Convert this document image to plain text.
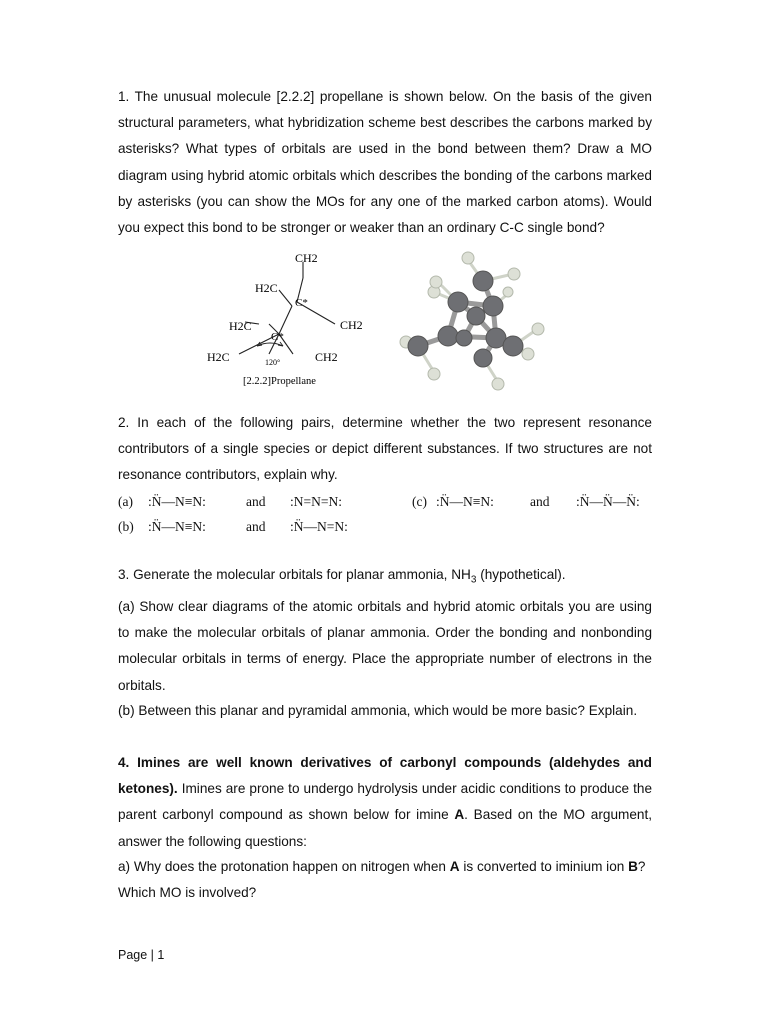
1. The unusual molecule [2.2.2] propellane is shown below. On the basis of the given structural parameters, what hybridization scheme best describes the carbons marked by asterisks? What types of orbitals are used in the bond between them? Draw a MO diagram using hybrid atomic orbitals which describes the bonding of the carbons marked by asterisks (you can show the MOs for any one of the marked carbon atoms). Would you expect this bond to be stronger or weaker than an ordinary C-C single bond?

CH2
H2C
C*
H2C
C*
CH2
H2C	120°	CH2
[2.2.2]Propellane

2. In each of the following pairs, determine whether the two represent resonance contributors of a single species or depict different substances. If two structures are not resonance contributors, explain why.

(a) :N̈—N≡N:	and :N=N=N:
(b) :N̈—N≡N:	and :N̈—N=N:
(c) :N̈—N≡N:	and :N̈—N̈—N̈:

3. Generate the molecular orbitals for planar ammonia, $NH_3$ (hypothetical).

(a) Show clear diagrams of the atomic orbitals and hybrid atomic orbitals you are using to make the molecular orbitals of planar ammonia. Order the bonding and nonbonding molecular orbitals in terms of energy. Place the appropriate number of electrons in the orbitals.

(b) Between this planar and pyramidal ammonia, which would be more basic? Explain.

4. Imines are well known derivatives of carbonyl compounds (aldehydes and ketones). Imines are prone to undergo hydrolysis under acidic conditions to produce the parent carbonyl compound as shown below for imine A. Based on the MO argument, answer the following questions:

a) Why does the protonation happen on nitrogen when A is converted to iminium ion B?
Which MO is involved?

Page | 1
